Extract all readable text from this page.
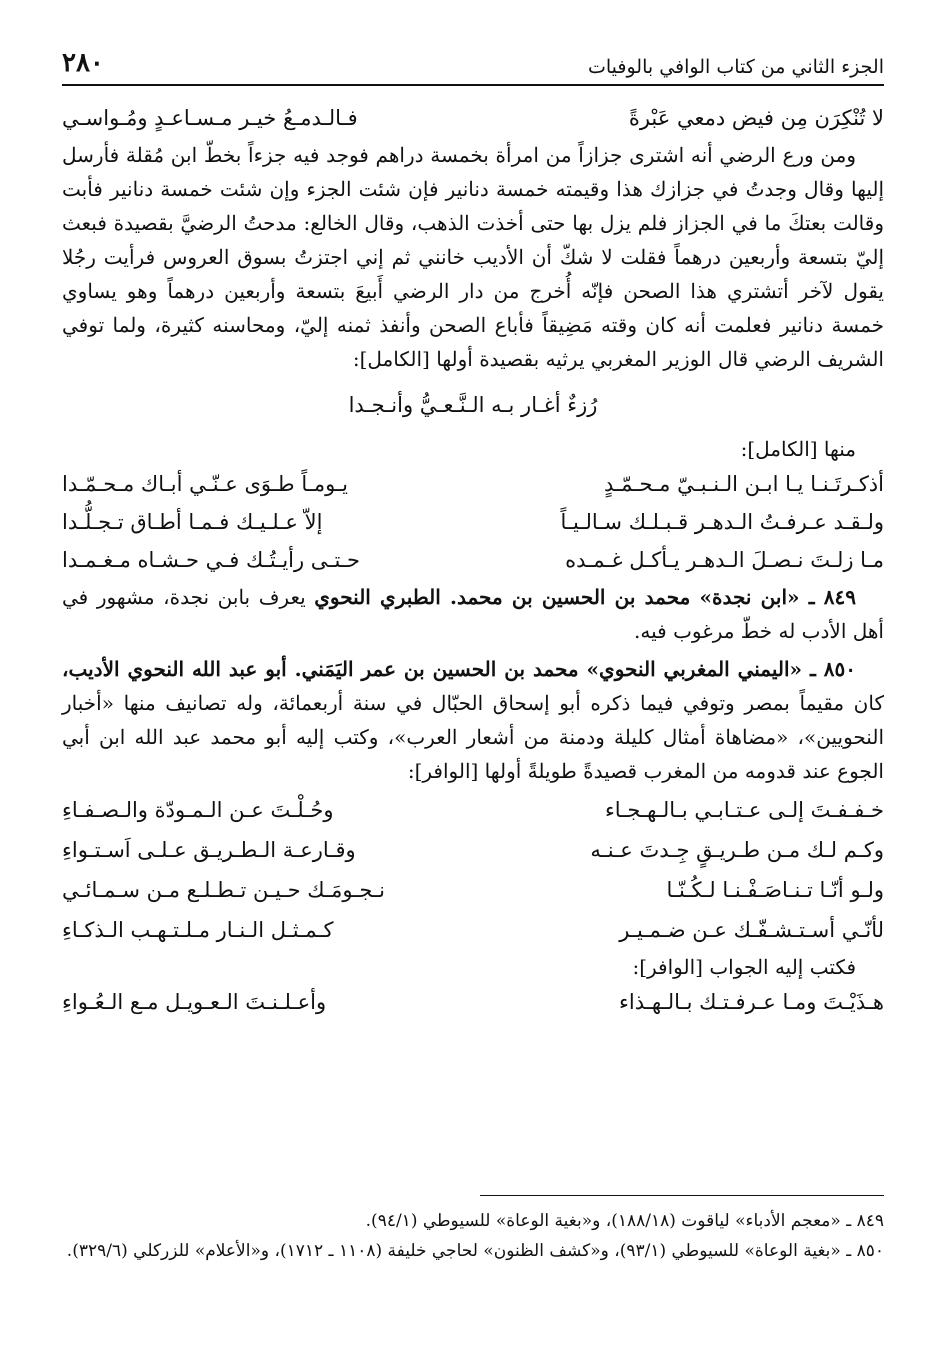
الجزء الثاني من كتاب الوافي بالوفيات
٢٨٠
لا تُنْكِرَن مِن فيض دمعي عَبْرةً
فـالـدمـعُ خيـر مـسـاعـدٍ ومُـواسـي

ومن ورع الرضي أنه اشترى جزازاً من امرأة بخمسة دراهم فوجد فيه جزءاً بخطّ ابن مُقلة فأرسل إليها وقال وجدتُ في جزازك هذا وقيمته خمسة دنانير فإن شئت الجزء وإن شئت خمسة دنانير فأبت وقالت بعتكَ ما في الجزاز فلم يزل بها حتى أخذت الذهب، وقال الخالع: مدحتُ الرضيَّ بقصيدة فبعث إليّ بتسعة وأربعين درهماً فقلت لا شكّ أن الأديب خانني ثم إني اجتزتُ بسوق العروس فرأيت رجُلا يقول لآخر أتشتري هذا الصحن فإنّه أُخرج من دار الرضي أَبيعَ بتسعة وأربعين درهماً وهو يساوي خمسة دنانير فعلمت أنه كان وقته مَضِيقاً فأباع الصحن وأنفذ ثمنه إليّ، ومحاسنه كثيرة، ولما توفي الشريف الرضي قال الوزير المغربي يرثيه بقصيدة أولها [الكامل]:

رُزءٌ أغـار بـه الـنَّـعـيُّ وأنـجـدا

منها [الكامل]:

أذكـرتَـنـا يـا ابـن الـنـبـيّ مـحـمّـدٍ
يـومـاً طـوَى عـنّـي أبـاك مـحـمّـدا
ولـقـد عـرفـتُ الـدهـر قـبـلـك سـالـيـاً
إلاّ عـلـيـك فـمـا أطـاق تـجـلُّـدا
مـا زلـتَ نـصـلَ الـدهـر يـأكـل غـمـده
حـتـى رأيـتُـك فـي حـشـاه مـغـمـدا

٨٤٩ ـ «ابن نجدة» محمد بن الحسين بن محمد. الطبري النحوي يعرف بابن نجدة، مشهور في أهل الأدب له خطّ مرغوب فيه.

٨٥٠ ـ «اليمني المغربي النحوي» محمد بن الحسين بن عمر اليَمَني. أبو عبد الله النحوي الأديب، كان مقيماً بمصر وتوفي فيما ذكره أبو إسحاق الحبّال في سنة أربعمائة، وله تصانيف منها «أخبار النحويين»، «مضاهاة أمثال كليلة ودمنة من أشعار العرب»، وكتب إليه أبو محمد عبد الله ابن أبي الجوع عند قدومه من المغرب قصيدةً طويلةً أولها [الوافر]:

خـفـفـتَ إلـى عـتـابـي بـالـهـجـاء
وحُـلْـتَ عـن الـمـودّة والـصـفـاءِ
وكـم لـك مـن طـريـقٍ جِـدتَ عـنـه
وقـارعـة الـطـريـق عـلـى اَسـتـواءِ
ولـو أنّـا تـنـاصَـفْـنـا لـكُـنّـا
نـجـومَـك حـيـن تـطـلـع مـن سـمـائـي
لأنّـي أسـتـشـفّـك عـن ضـمـيـر
كـمـثـل الـنـار مـلـتـهـب الـذكـاءِ

فكتب إليه الجواب [الوافر]:

هـذَيْـتَ ومـا عـرفـتـك بـالـهـذاء
وأعـلـنـتَ الـعـويـل مـع الـعُـواءِ

٨٤٩ ـ «معجم الأدباء» لياقوت (١٨٨/١٨)، و«بغية الوعاة» للسيوطي (٩٤/١).

٨٥٠ ـ «بغية الوعاة» للسيوطي (٩٣/١)، و«كشف الظنون» لحاجي خليفة (١١٠٨ ـ ١٧١٢)، و«الأعلام» للزركلي (٣٢٩/٦).
